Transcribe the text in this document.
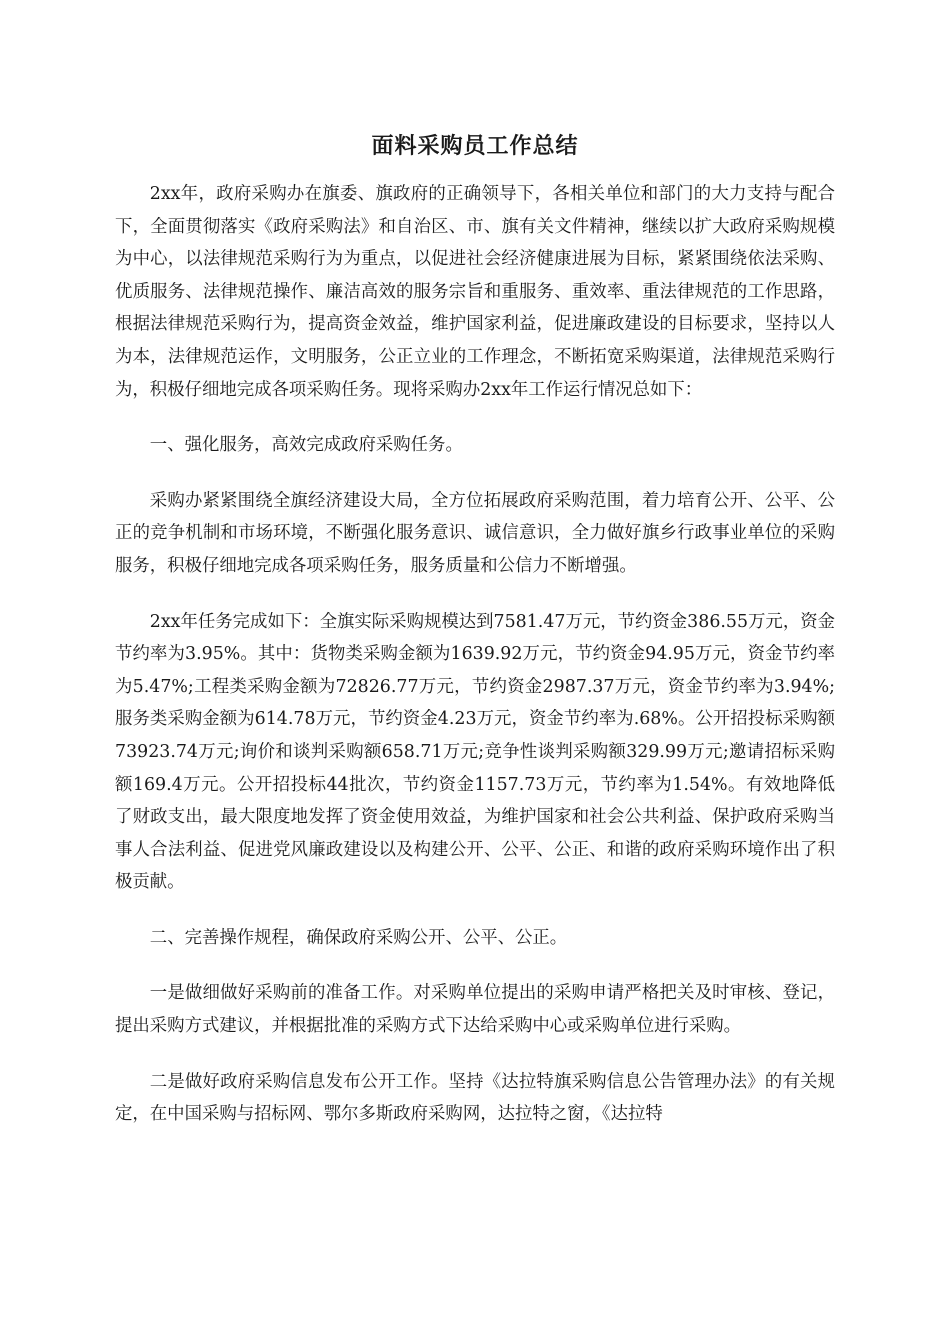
面料采购员工作总结

2xx年，政府采购办在旗委、旗政府的正确领导下，各相关单位和部门的大力支持与配合下，全面贯彻落实《政府采购法》和自治区、市、旗有关文件精神，继续以扩大政府采购规模为中心，以法律规范采购行为为重点，以促进社会经济健康进展为目标，紧紧围绕依法采购、优质服务、法律规范操作、廉洁高效的服务宗旨和重服务、重效率、重法律规范的工作思路，根据法律规范采购行为，提高资金效益，维护国家利益，促进廉政建设的目标要求，坚持以人为本，法律规范运作，文明服务，公正立业的工作理念，不断拓宽采购渠道，法律规范采购行为，积极仔细地完成各项采购任务。现将采购办2xx年工作运行情况总如下：

一、强化服务，高效完成政府采购任务。

采购办紧紧围绕全旗经济建设大局，全方位拓展政府采购范围，着力培育公开、公平、公正的竞争机制和市场环境，不断强化服务意识、诚信意识，全力做好旗乡行政事业单位的采购服务，积极仔细地完成各项采购任务，服务质量和公信力不断增强。

2xx年任务完成如下：全旗实际采购规模达到7581.47万元，节约资金386.55万元，资金节约率为3.95%。其中：货物类采购金额为1639.92万元，节约资金94.95万元，资金节约率为5.47%;工程类采购金额为72826.77万元，节约资金2987.37万元，资金节约率为3.94%;服务类采购金额为614.78万元，节约资金4.23万元，资金节约率为.68%。公开招投标采购额73923.74万元;询价和谈判采购额658.71万元;竞争性谈判采购额329.99万元;邀请招标采购额169.4万元。公开招投标44批次，节约资金1157.73万元，节约率为1.54%。有效地降低了财政支出，最大限度地发挥了资金使用效益，为维护国家和社会公共利益、保护政府采购当事人合法利益、促进党风廉政建设以及构建公开、公平、公正、和谐的政府采购环境作出了积极贡献。

二、完善操作规程，确保政府采购公开、公平、公正。

一是做细做好采购前的准备工作。对采购单位提出的采购申请严格把关及时审核、登记，提出采购方式建议，并根据批准的采购方式下达给采购中心或采购单位进行采购。

二是做好政府采购信息发布公开工作。坚持《达拉特旗采购信息公告管理办法》的有关规定，在中国采购与招标网、鄂尔多斯政府采购网，达拉特之窗，《达拉特
